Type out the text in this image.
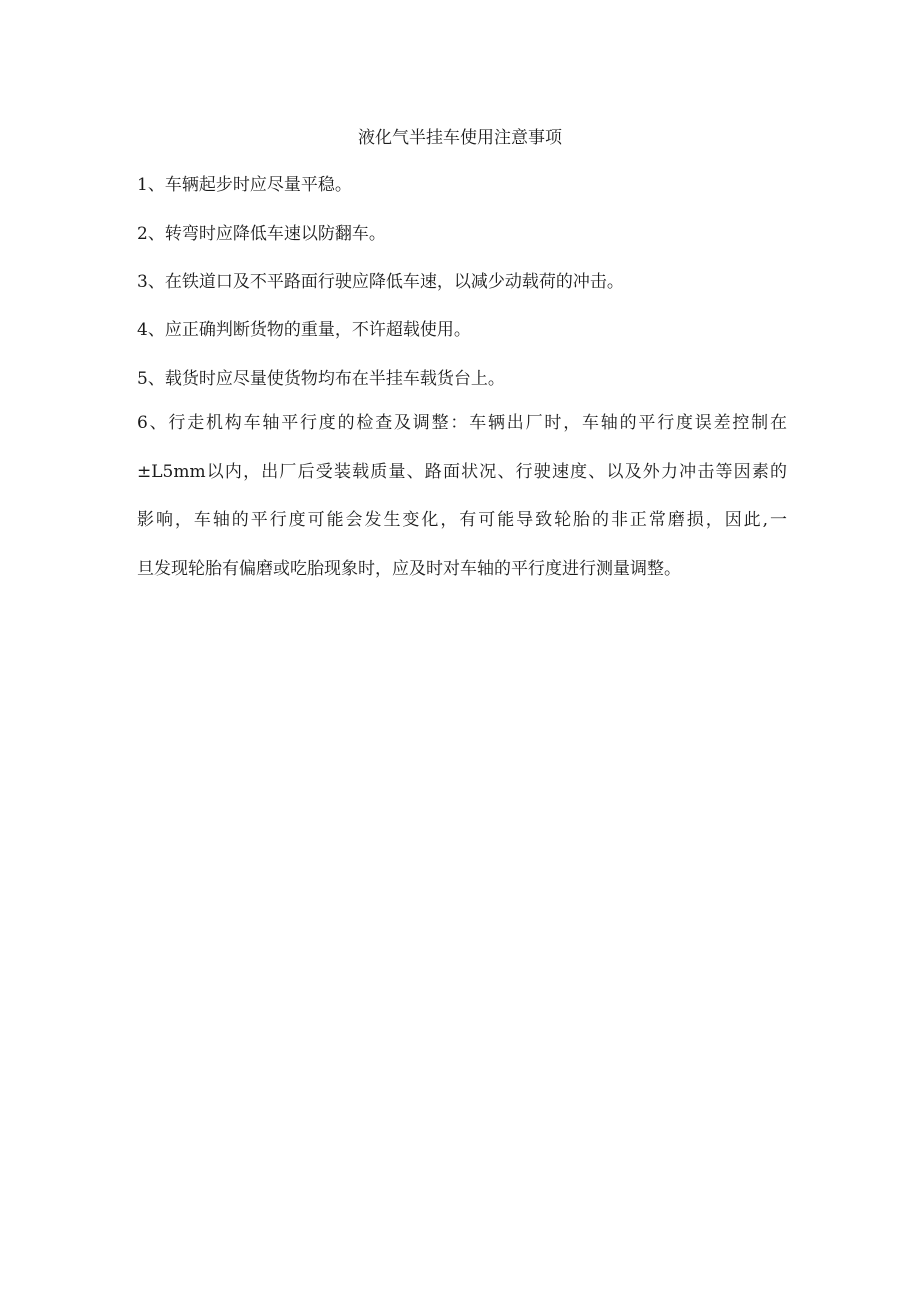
液化气半挂车使用注意事项

1、车辆起步时应尽量平稳。

2、转弯时应降低车速以防翻车。

3、在铁道口及不平路面行驶应降低车速，以减少动载荷的冲击。

4、应正确判断货物的重量，不许超载使用。

5、载货时应尽量使货物均布在半挂车载货台上。

6、行走机构车轴平行度的检查及调整：车辆出厂时，车轴的平行度误差控制在
±L5mm以内，出厂后受装载质量、路面状况、行驶速度、以及外力冲击等因素的
影响，车轴的平行度可能会发生变化，有可能导致轮胎的非正常磨损，因此,一
旦发现轮胎有偏磨或吃胎现象时，应及时对车轴的平行度进行测量调整。
